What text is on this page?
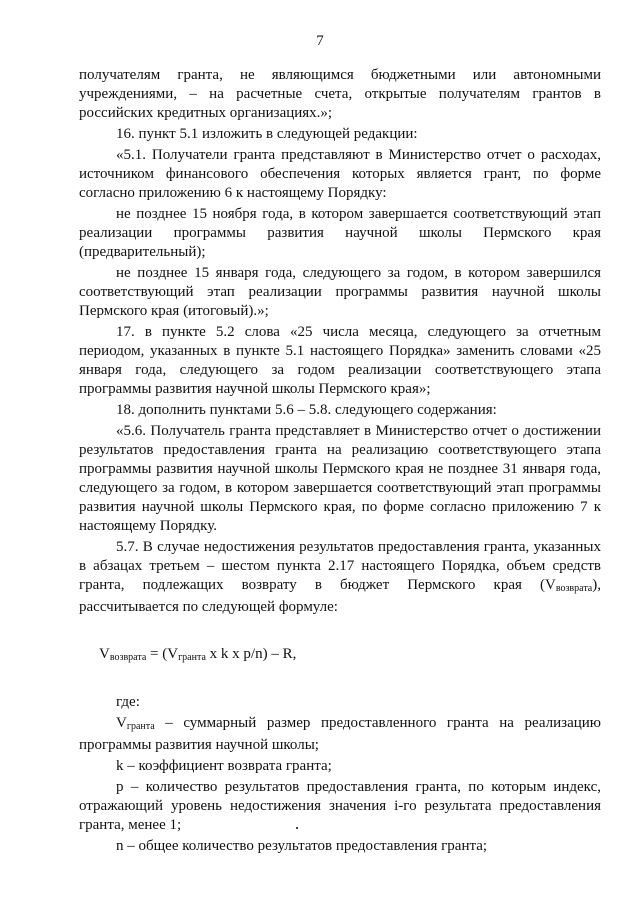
7

получателям гранта, не являющимся бюджетными или автономными учреждениями, – на расчетные счета, открытые получателям грантов в российских кредитных организациях.»;

16. пункт 5.1 изложить в следующей редакции:

«5.1. Получатели гранта представляют в Министерство отчет о расходах, источником финансового обеспечения которых является грант, по форме согласно приложению 6 к настоящему Порядку:

не позднее 15 ноября года, в котором завершается соответствующий этап реализации программы развития научной школы Пермского края (предварительный);

не позднее 15 января года, следующего за годом, в котором завершился соответствующий этап реализации программы развития научной школы Пермского края (итоговый).»;

17. в пункте 5.2 слова «25 числа месяца, следующего за отчетным периодом, указанных в пункте 5.1 настоящего Порядка» заменить словами «25 января года, следующего за годом реализации соответствующего этапа программы развития научной школы Пермского края»;

18. дополнить пунктами 5.6 – 5.8. следующего содержания:

«5.6. Получатель гранта представляет в Министерство отчет о достижении результатов предоставления гранта на реализацию соответствующего этапа программы развития научной школы Пермского края не позднее 31 января года, следующего за годом, в котором завершается соответствующий этап программы развития научной школы Пермского края, по форме согласно приложению 7 к настоящему Порядку.

5.7. В случае недостижения результатов предоставления гранта, указанных в абзацах третьем – шестом пункта 2.17 настоящего Порядка, объем средств гранта, подлежащих возврату в бюджет Пермского края $(V_{возврата})$, рассчитывается по следующей формуле:

$V_{возврата} = (V_{гранта}$ x k x p/n) – R,

где:

$V_{гранта}$ – суммарный размер предоставленного гранта на реализацию программы развития научной школы;

k – коэффициент возврата гранта;

p – количество результатов предоставления гранта, по которым индекс, отражающий уровень недостижения значения i-го результата предоставления гранта, менее 1;

n – общее количество результатов предоставления гранта;
